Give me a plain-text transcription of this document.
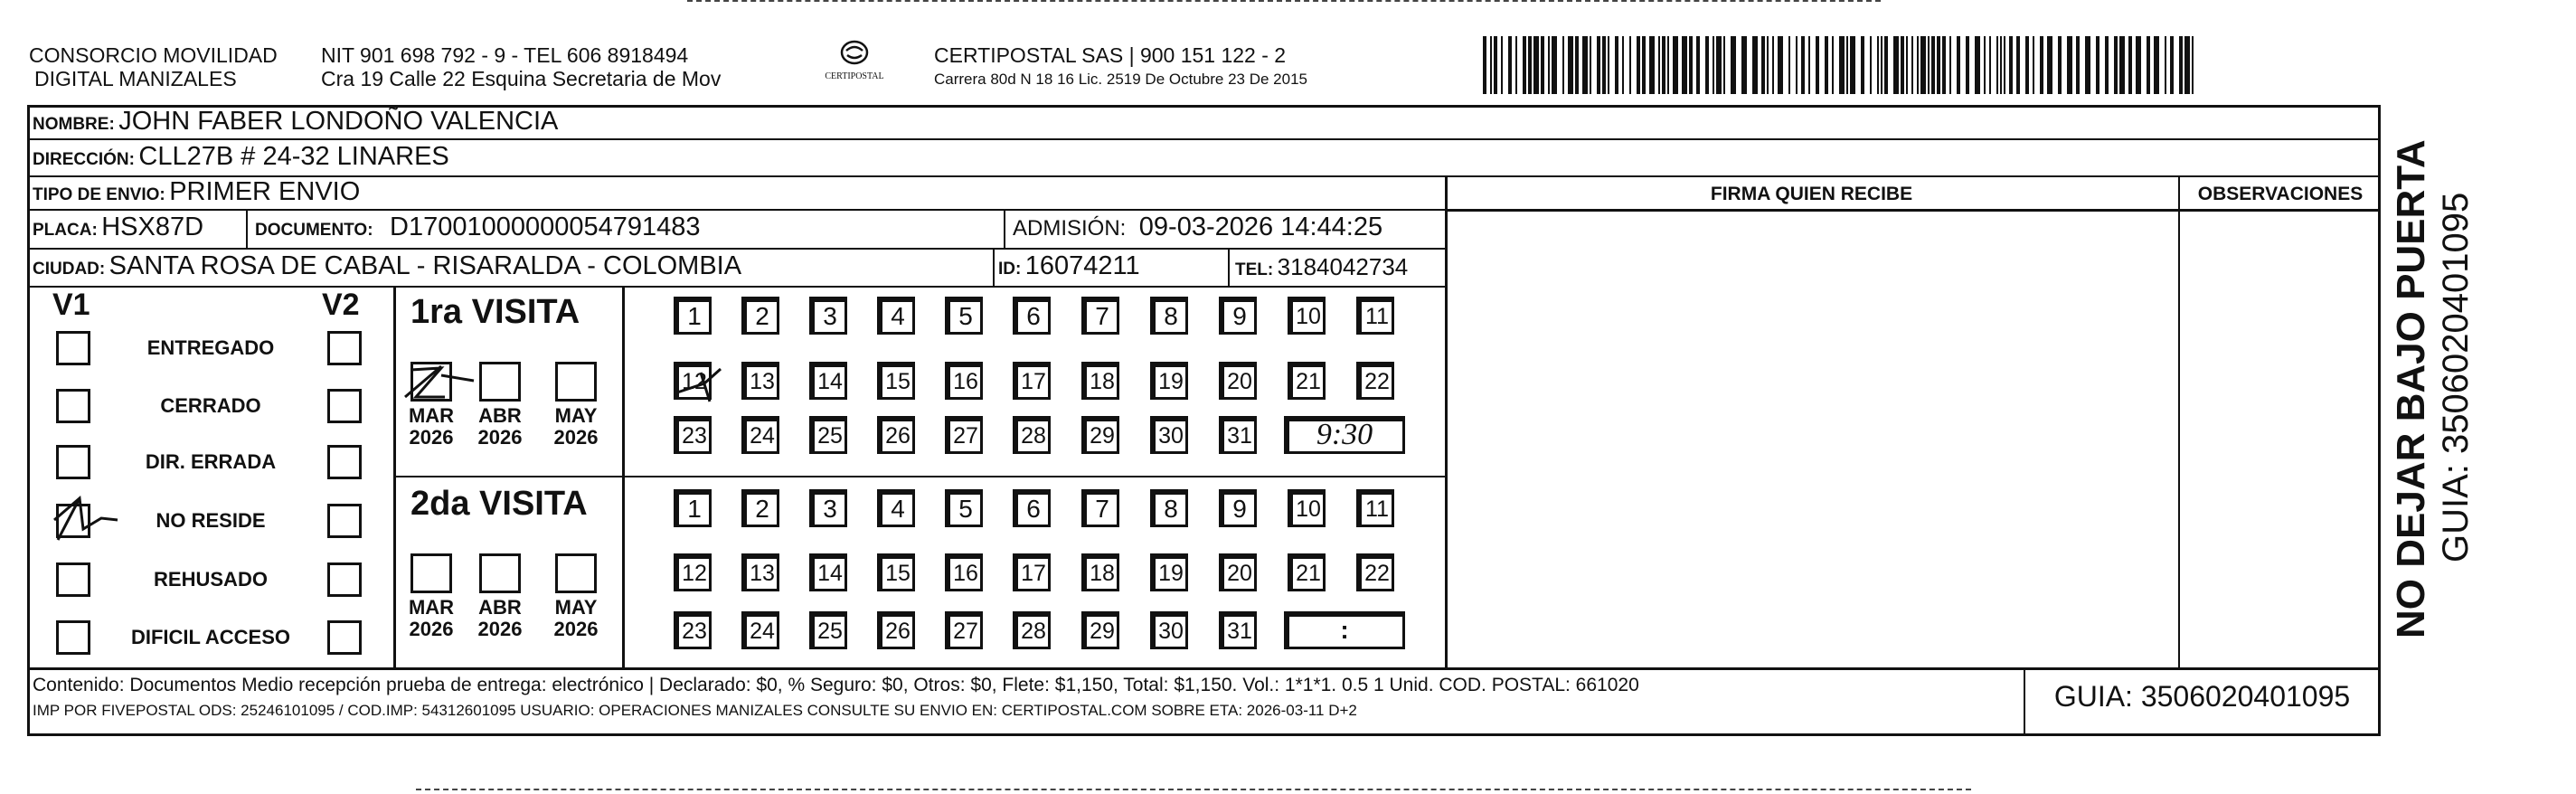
CONSORCIO MOVILIDAD
DIGITAL MANIZALES
NIT 901 698 792 - 9 - TEL 606 8918494
Cra 19 Calle 22 Esquina Secretaria de Mov	CERTIPOSTAL
CERTIPOSTAL SAS | 900 151 122 - 2
Carrera 80d N 18 16 Lic. 2519 De Octubre 23 De 2015
NOMBRE: JOHN FABER LONDOÑO VALENCIA
DIRECCIÓN: CLL27B # 24-32 LINARES
TIPO DE ENVIO: PRIMER ENVIO
PLACA: HSX87D	DOCUMENTO: D17001000000054791483	ADMISIÓN: 09-03-2026 14:44:25
CIUDAD: SANTA ROSA DE CABAL - RISARALDA - COLOMBIA	ID: 16074211	TEL: 3184042734
FIRMA QUIEN RECIBE	OBSERVACIONES
V1	V2
ENTREGADO
CERRADO
DIR. ERRADA
NO RESIDE
REHUSADO
DIFICIL ACCESO
1ra VISITA
2da VISITA
MAR
2026
ABR
2026
MAY
2026
MAR
2026
ABR
2026
MAY
2026
1	2	3	4	5	6	7	8	9	10	11
12	13	14	15	16	17	18	19	20	21	22
23	24	25	26	27	28	29	30	31
1	2	3	4	5	6	7	8	9	10	11
12	13	14	15	16	17	18	19	20	21	22
23	24	25	26	27	28	29	30	31
9:30
:
Contenido: Documentos Medio recepción prueba de entrega: electrónico | Declarado: $0, % Seguro: $0, Otros: $0, Flete: $1,150, Total: $1,150. Vol.: 1*1*1. 0.5 1 Unid. COD. POSTAL: 661020
IMP POR FIVEPOSTAL ODS: 25246101095 / COD.IMP: 54312601095 USUARIO: OPERACIONES MANIZALES CONSULTE SU ENVIO EN: CERTIPOSTAL.COM SOBRE ETA: 2026-03-11 D+2	GUIA: 3506020401095
NO DEJAR BAJO PUERTA GUIA: 3506020401095
